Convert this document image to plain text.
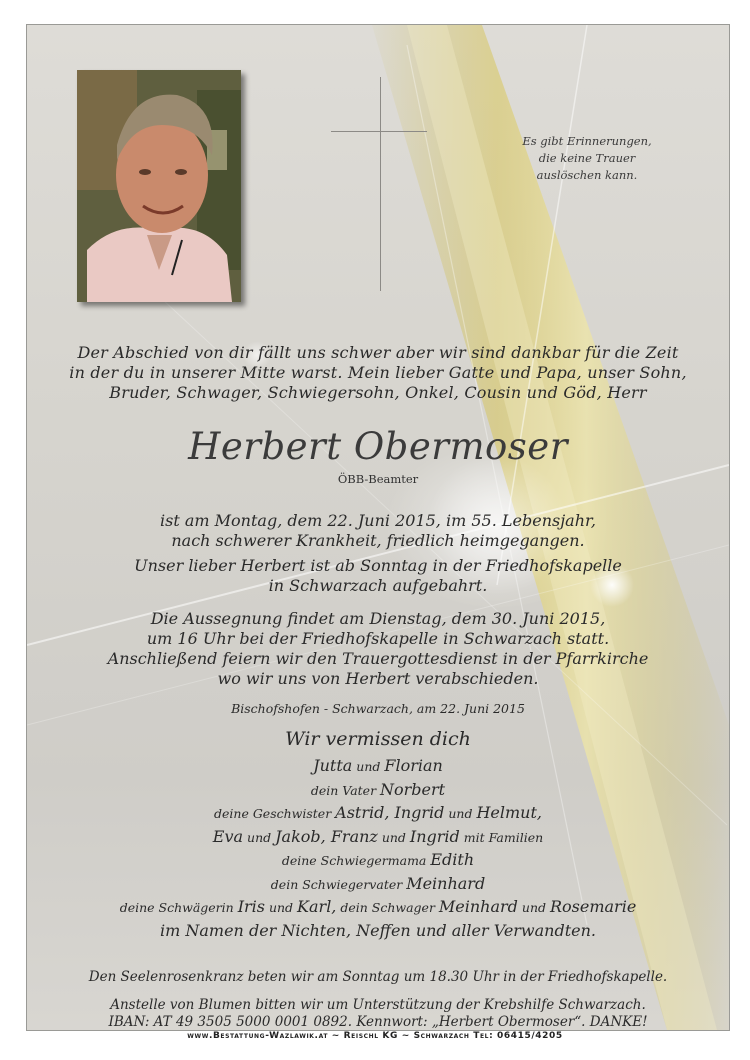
Es gibt Erinnerungen,
die keine Trauer
auslöschen kann.
Der Abschied von dir fällt uns schwer aber wir sind dankbar für die Zeit
in der du in unserer Mitte warst. Mein lieber Gatte und Papa, unser Sohn,
Bruder, Schwager, Schwiegersohn, Onkel, Cousin und Göd, Herr
Herbert Obermoser
ÖBB-Beamter
ist am Montag, dem 22. Juni 2015, im 55. Lebensjahr,
nach schwerer Krankheit, friedlich heimgegangen.
Unser lieber Herbert ist ab Sonntag in der Friedhofskapelle
in Schwarzach aufgebahrt.
Die Aussegnung findet am Dienstag, dem 30. Juni 2015,
um 16 Uhr bei der Friedhofskapelle in Schwarzach statt.
Anschließend feiern wir den Trauergottesdienst in der Pfarrkirche
wo wir uns von Herbert verabschieden.
Bischofshofen - Schwarzach, am 22. Juni 2015
Wir vermissen dich
Jutta und Florian
dein Vater Norbert
deine Geschwister Astrid, Ingrid und Helmut,
Eva und Jakob, Franz und Ingrid mit Familien
deine Schwiegermama Edith
dein Schwiegervater Meinhard
deine Schwägerin Iris und Karl, dein Schwager Meinhard und Rosemarie
im Namen der Nichten, Neffen und aller Verwandten.
Den Seelenrosenkranz beten wir am Sonntag um 18.30 Uhr in der Friedhofskapelle.
Anstelle von Blumen bitten wir um Unterstützung der Krebshilfe Schwarzach.
IBAN: AT 49 3505 5000 0001 0892. Kennwort: „Herbert Obermoser“. DANKE!
www.Bestattung-Wazlawik.at ~ Reischl KG ~ Schwarzach Tel: 06415/4205
